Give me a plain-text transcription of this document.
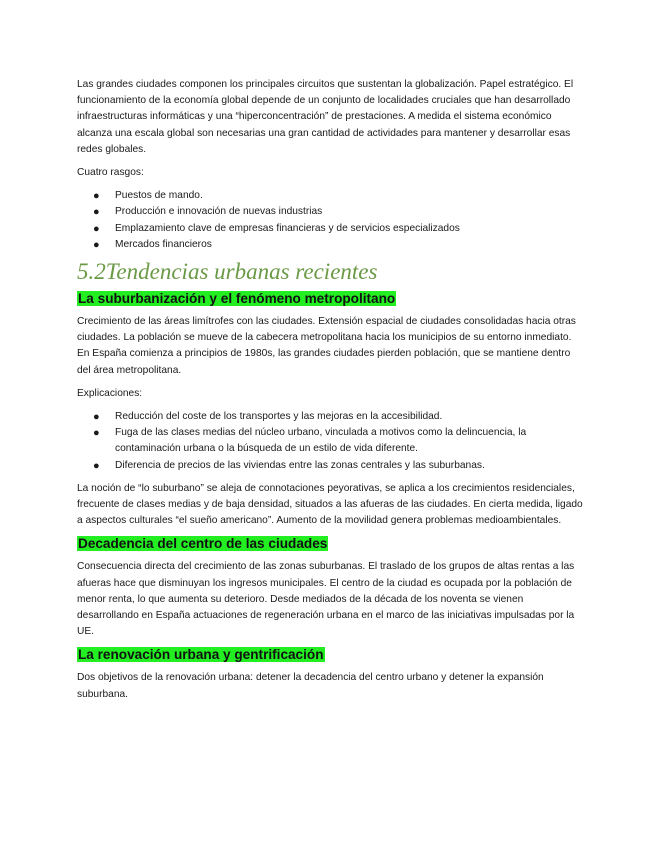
Las grandes ciudades componen los principales circuitos que sustentan la globalización. Papel estratégico. El funcionamiento de la economía global depende de un conjunto de localidades cruciales que han desarrollado infraestructuras informáticas y una “hiperconcentración” de prestaciones. A medida el sistema económico alcanza una escala global son necesarias una gran cantidad de actividades para mantener y desarrollar esas redes globales.

Cuatro rasgos:

● Puestos de mando.
● Producción e innovación de nuevas industrias
● Emplazamiento clave de empresas financieras y de servicios especializados
● Mercados financieros
5.2Tendencias urbanas recientes
La suburbanización y el fenómeno metropolitano

Crecimiento de las áreas limítrofes con las ciudades. Extensión espacial de ciudades consolidadas hacia otras ciudades. La población se mueve de la cabecera metropolitana hacia los municipios de su entorno inmediato. En España comienza a principios de 1980s, las grandes ciudades pierden población, que se mantiene dentro del área metropolitana.

Explicaciones:

● Reducción del coste de los transportes y las mejoras en la accesibilidad.
● Fuga de las clases medias del núcleo urbano, vinculada a motivos como la delincuencia, la contaminación urbana o la búsqueda de un estilo de vida diferente.
● Diferencia de precios de las viviendas entre las zonas centrales y las suburbanas.

La noción de “lo suburbano” se aleja de connotaciones peyorativas, se aplica a los crecimientos residenciales, frecuente de clases medias y de baja densidad, situados a las afueras de las ciudades. En cierta medida, ligado a aspectos culturales “el sueño americano”. Aumento de la movilidad genera problemas medioambientales.

Decadencia del centro de las ciudades

Consecuencia directa del crecimiento de las zonas suburbanas. El traslado de los grupos de altas rentas a las afueras hace que disminuyan los ingresos municipales. El centro de la ciudad es ocupada por la población de menor renta, lo que aumenta su deterioro. Desde mediados de la década de los noventa se vienen desarrollando en España actuaciones de regeneración urbana en el marco de las iniciativas impulsadas por la UE.

La renovación urbana y gentrificación

Dos objetivos de la renovación urbana: detener la decadencia del centro urbano y detener la expansión suburbana.
